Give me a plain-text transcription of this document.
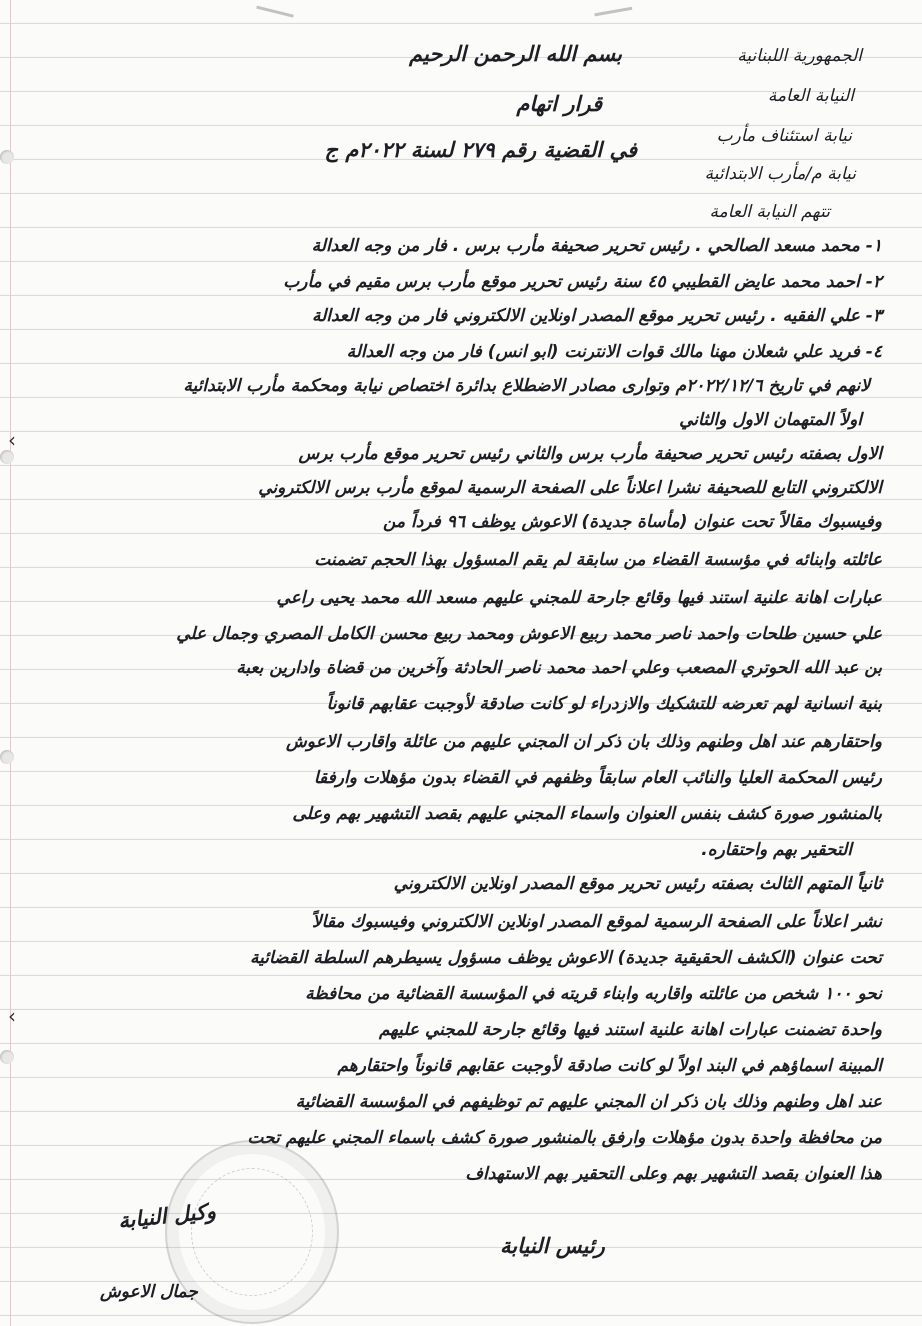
الجمهورية اللبنانية
النيابة العامة
نيابة استئناف مأرب
نيابة م/مأرب الابتدائية
تتهم النيابة العامة
بسم الله الرحمن الرحيم
قرار اتهام
في القضية رقم ٢٧٩ لسنة ٢٠٢٢م ج
١- محمد مسعد الصالحي . رئيس تحرير صحيفة مأرب برس . فار من وجه العدالة
٢- احمد محمد عايض القطيبي ٤٥ سنة رئيس تحرير موقع مأرب برس مقيم في مأرب
٣- علي الفقيه . رئيس تحرير موقع المصدر اونلاين الالكتروني فار من وجه العدالة
٤- فريد علي شعلان مهنا مالك قوات الانترنت (ابو انس) فار من وجه العدالة
لانهم في تاريخ ٢٠٢٢/١٢/٦م وتوارى مصادر الاضطلاع بدائرة اختصاص نيابة ومحكمة مأرب الابتدائية
اولاً المتهمان الاول والثاني
الاول بصفته رئيس تحرير صحيفة مأرب برس والثاني رئيس تحرير موقع مأرب برس
الالكتروني التابع للصحيفة نشرا اعلاناً على الصفحة الرسمية لموقع مأرب برس الالكتروني
وفيسبوك مقالاً تحت عنوان (مأساة جديدة) الاعوش يوظف ٩٦ فرداً من
عائلته وابنائه في مؤسسة القضاء من سابقة لم يقم المسؤول بهذا الحجم تضمنت
عبارات اهانة علنية استند فيها وقائع جارحة للمجني عليهم مسعد الله محمد يحيى راعي
علي حسين طلحات واحمد ناصر محمد ربيع الاعوش ومحمد ربيع محسن الكامل المصري وجمال علي
بن عبد الله الحوتري المصعب وعلي احمد محمد ناصر الحادثة وآخرين من قضاة وادارين بعبة
بنية انسانية لهم تعرضه للتشكيك والازدراء لو كانت صادقة لأوجبت عقابهم قانوناً
واحتقارهم عند اهل وطنهم وذلك بان ذكر ان المجني عليهم من عائلة واقارب الاعوش
رئيس المحكمة العليا والنائب العام سابقاً وظفهم في القضاء بدون مؤهلات وارفقا
بالمنشور صورة كشف بنفس العنوان واسماء المجني عليهم بقصد التشهير بهم وعلى
التحقير بهم واحتقاره.
ثانياً المتهم الثالث بصفته رئيس تحرير موقع المصدر اونلاين الالكتروني
نشر اعلاناً على الصفحة الرسمية لموقع المصدر اونلاين الالكتروني وفيسبوك مقالاً
تحت عنوان (الكشف الحقيقية جديدة) الاعوش يوظف مسؤول يسيطرهم السلطة القضائية
نحو ١٠٠ شخص من عائلته واقاربه وابناء قريته في المؤسسة القضائية من محافظة
واحدة تضمنت عبارات اهانة علنية استند فيها وقائع جارحة للمجني عليهم
المبينة اسماؤهم في البند اولاً لو كانت صادقة لأوجبت عقابهم قانوناً واحتقارهم
عند اهل وطنهم وذلك بان ذكر ان المجني عليهم تم توظيفهم في المؤسسة القضائية
من محافظة واحدة بدون مؤهلات وارفق بالمنشور صورة كشف باسماء المجني عليهم تحت
هذا العنوان بقصد التشهير بهم وعلى التحقير بهم الاستهداف
‹
‹
وكيل النيابة
رئيس النيابة
جمال الاعوش
